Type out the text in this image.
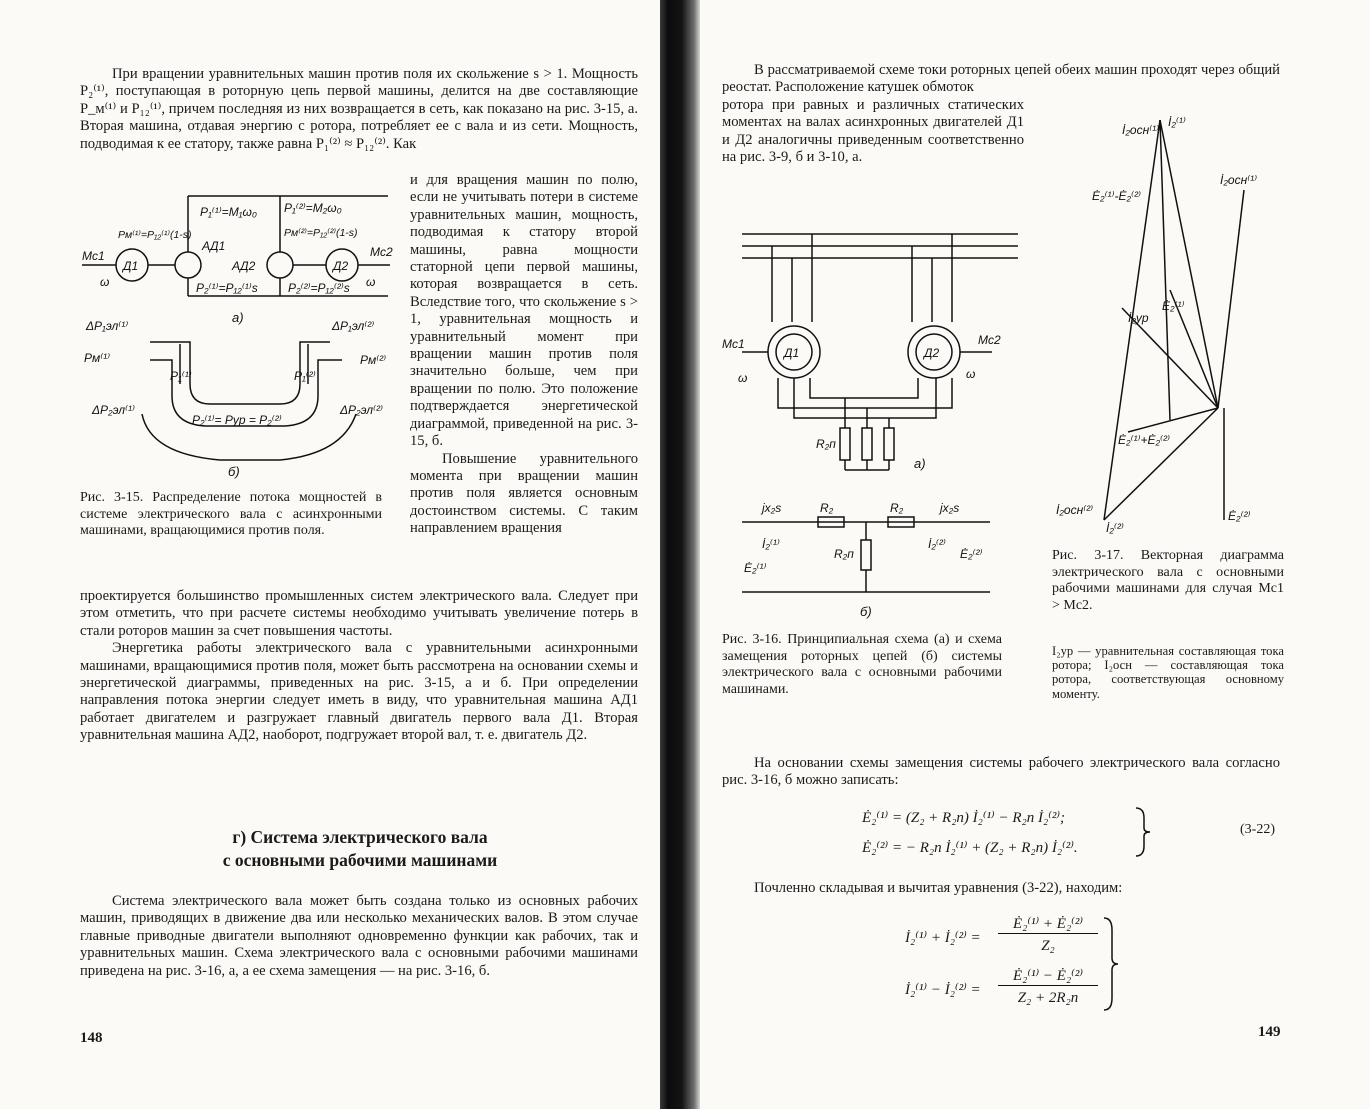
При вращении уравнительных машин против поля их скольжение s > 1. Мощность P₂⁽¹⁾, поступающая в роторную цепь первой машины, делится на две составляющие P_м⁽¹⁾ и P₁₂⁽¹⁾, причем последняя из них возвращается в сеть, как показано на рис. 3-15, а. Вторая машина, отдавая энергию с ротора, потребляет ее с вала и из сети. Мощность, подводимая к ее статору, также равна P₁⁽²⁾ ≈ P₁₂⁽²⁾. Как

и для вращения машин по полю, если не учитывать потери в системе уравнительных машин, мощность, подводимая к статору второй машины, равна мощности статорной цепи первой машины, которая возвращается в сеть. Вследствие того, что скольжение s > 1, уравнительная мощность и уравнительный момент при вращении машин против поля значительно больше, чем при вращении по полю. Это положение подтверждается энергетической диаграммой, приведенной на рис. 3-15, б.

Повышение уравнительного момента при вращении машин против поля является основным достоинством системы. С таким направлением вращения

Д1	Д2
АД1
АД2
Mc1	Mc2
ω	ω
P₁⁽¹⁾=M₁ω₀ P₁⁽²⁾=M₂ω₀
Pм⁽¹⁾=P₁₂⁽¹⁾(1-s)	Pм⁽²⁾=P₁₂⁽²⁾(1-s)
P₂⁽¹⁾=P₁₂⁽¹⁾s	P₂⁽²⁾=P₁₂⁽²⁾s
а)
ΔP₁эл⁽¹⁾	ΔP₁эл⁽²⁾
Pм⁽¹⁾	Pм⁽²⁾
P₁⁽¹⁾	P₁⁽²⁾
ΔP₂эл⁽¹⁾	ΔP₂эл⁽²⁾
P₂⁽¹⁾= Pур = P₂⁽²⁾
б)
Рис. 3-15. Распределение потока мощностей в системе электрического вала с асинхронными машинами, вращающимися против поля.

проектируется большинство промышленных систем электрического вала. Следует при этом отметить, что при расчете системы необходимо учитывать увеличение потерь в стали роторов машин за счет повышения частоты.

Энергетика работы электрического вала с уравнительными асинхронными машинами, вращающимися против поля, может быть рассмотрена на основании схемы и энергетической диаграммы, приведенных на рис. 3-15, а и б. При определении направления потока энергии следует иметь в виду, что уравнительная машина АД1 работает двигателем и разгружает главный двигатель первого вала Д1. Вторая уравнительная машина АД2, наоборот, подгружает второй вал, т. е. двигатель Д2.

г) Система электрического вала
с основными рабочими машинами

Система электрического вала может быть создана только из основных рабочих машин, приводящих в движение два или несколько механических валов. В этом случае главные приводные двигатели выполняют одновременно функции как рабочих, так и уравнительных машин. Схема электрического вала с основными рабочими машинами приведена на рис. 3-16, а, а ее схема замещения — на рис. 3-16, б.

148

В рассматриваемой схеме токи роторных цепей обеих машин проходят через общий реостат. Расположение катушек обмоток

ротора при равных и различных статических моментах на валах асинхронных двигателей Д1 и Д2 аналогичны приведенным соответственно на рис. 3-9, б и 3-10, а.

Д1	Д2
Mc1	Mc2
ω	ω
R₂п
а)
jx₂s	jx₂s
R₂	R₂
İ₂⁽¹⁾	İ₂⁽²⁾
Ė₂⁽¹⁾
Ė₂⁽²⁾
R₂п
б)
Рис. 3-16. Принципиальная схема (а) и схема замещения роторных цепей (б) системы электрического вала с основными рабочими машинами.
İ₂осн⁽¹⁾
İ₂⁽¹⁾
Ė₂⁽¹⁾-Ė₂⁽²⁾
İ₂осн⁽¹⁾
İ₂ур
Ė₂⁽¹⁾
Ė₂⁽¹⁾+Ė₂⁽²⁾
İ₂осн⁽²⁾
İ₂⁽²⁾
Ė₂⁽²⁾
Рис. 3-17. Векторная диаграмма электрического вала с основными рабочими машинами для случая Mc1 > Mc2.
I₂ур — уравнительная составляющая тока ротора; I₂осн — составляющая тока ротора, соответствующая основному моменту.

На основании схемы замещения системы рабочего электрического вала согласно рис. 3-16, б можно записать:

Ė₂⁽¹⁾ = (Z₂ + R₂п) İ₂⁽¹⁾ − R₂п İ₂⁽²⁾;
Ė₂⁽²⁾ = − R₂п İ₂⁽¹⁾ + (Z₂ + R₂п) İ₂⁽²⁾.
(3-22)

Почленно складывая и вычитая уравнения (3-22), находим:

İ₂⁽¹⁾ + İ₂⁽²⁾ =
Ė₂⁽¹⁾ + Ė₂⁽²⁾
Z₂
İ₂⁽¹⁾ − İ₂⁽²⁾ =
Ė₂⁽¹⁾ − Ė₂⁽²⁾
Z₂ + 2R₂п
149
